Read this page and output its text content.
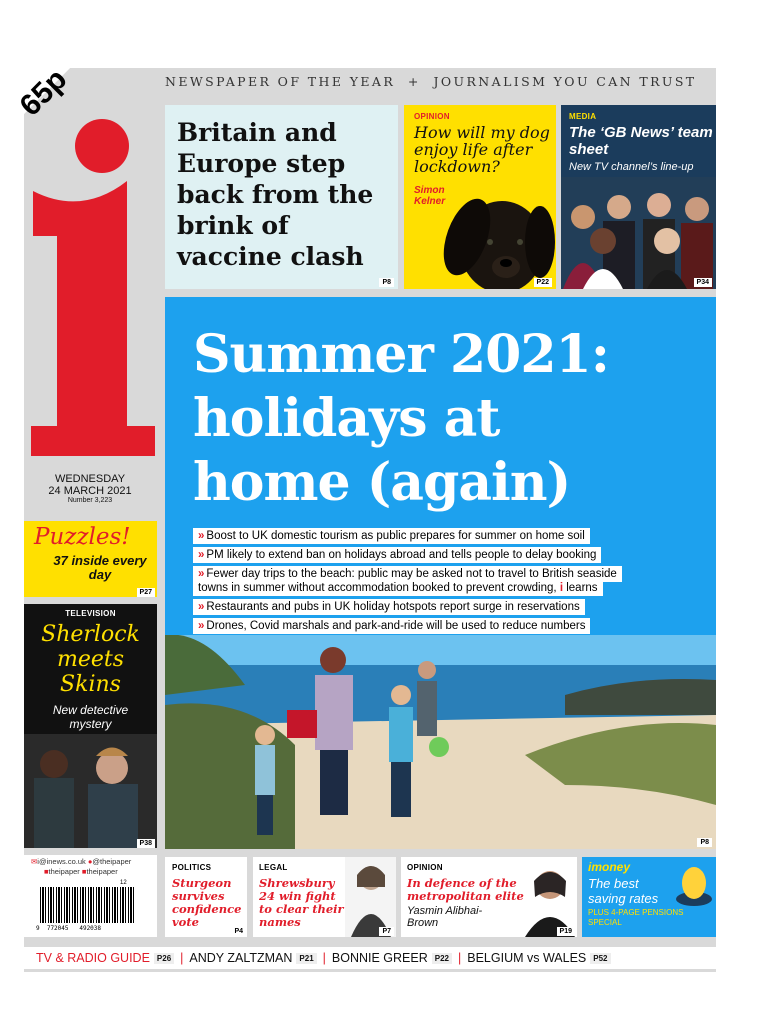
65p	NEWSPAPER OF THE YEAR  +  JOURNALISM YOU CAN TRUST
WEDNESDAY
24 MARCH 2021
Number 3,223
Britain and Europe step back from the brink of vaccine clash
P8
OPINION
How will my dog enjoy life after lockdown?
Simon Kelner
P22
MEDIA
The ‘GB News’ team sheet
New TV channel’s line-up
P34
Summer 2021:
holidays at
home (again)
P8
» Boost to UK domestic tourism as public prepares for summer on home soil
» PM likely to extend ban on holidays abroad and tells people to delay booking
» Fewer day trips to the beach: public may be asked not to travel to British seaside
towns in summer without accommodation booked to prevent crowding, i learns
» Restaurants and pubs in UK holiday hotspots report surge in reservations
» Drones, Covid marshals and park-and-ride will be used to reduce numbers
Puzzles!
37 inside every day
P27
TELEVISION
Sherlock
meets
Skins
New detective mystery
P38
✉i@inews.co.uk ●@theipaper
■theipaper ■theipaper
12
9  772045   492038
POLITICS
Sturgeon survives confidence vote
P4
LEGAL
Shrewsbury 24 win fight to clear their names
P7
OPINION
In defence of the metropolitan elite
Yasmin Alibhai-Brown
P19
imoney
The best saving rates
PLUS 4-PAGE PENSIONS SPECIAL
TV & RADIO GUIDE P26 | ANDY ZALTZMAN P21 | BONNIE GREER P22 | BELGIUM vs WALES P52
